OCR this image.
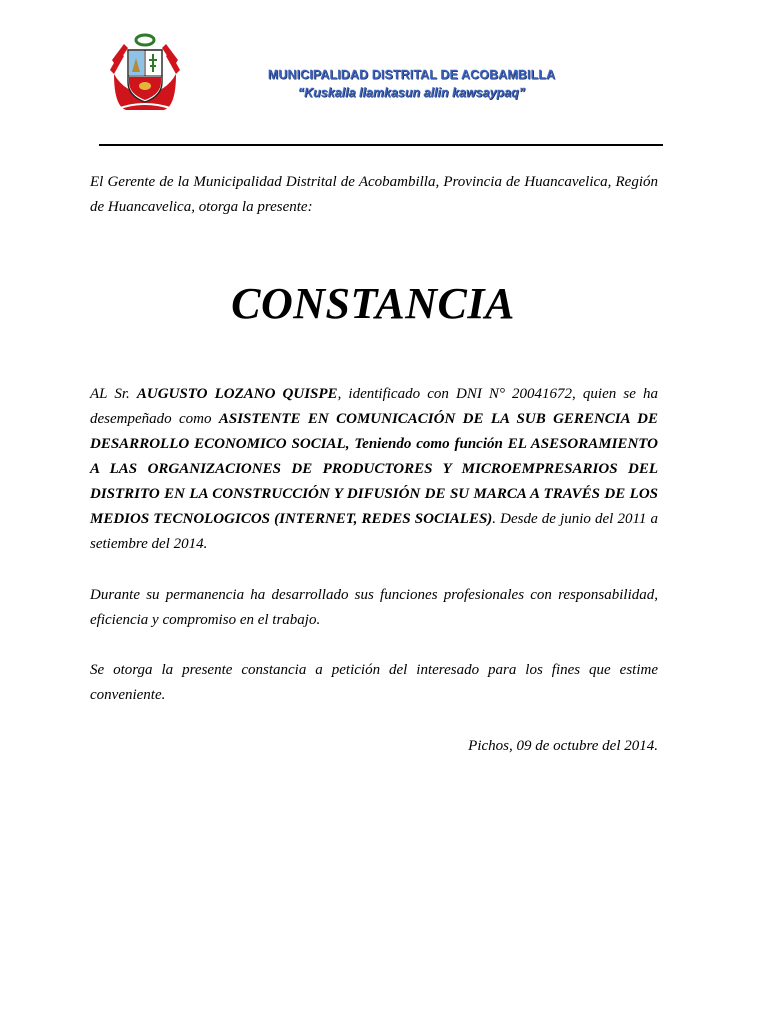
MUNICIPALIDAD DISTRITAL DE ACOBAMBILLA
“Kuskalla llamkasun allin kawsaypaq”
El Gerente de la Municipalidad Distrital de Acobambilla, Provincia de Huancavelica, Región de Huancavelica, otorga la presente:
CONSTANCIA
AL Sr. AUGUSTO LOZANO QUISPE, identificado con DNI N° 20041672, quien se ha desempeñado como ASISTENTE EN COMUNICACIÓN DE LA SUB GERENCIA DE DESARROLLO ECONOMICO SOCIAL, Teniendo como función EL ASESORAMIENTO A LAS ORGANIZACIONES DE PRODUCTORES Y MICROEMPRESARIOS DEL DISTRITO EN LA CONSTRUCCIÓN Y DIFUSIÓN DE SU MARCA A TRAVÉS DE LOS MEDIOS TECNOLOGICOS (INTERNET, REDES SOCIALES). Desde de junio del 2011 a setiembre del 2014.
Durante su permanencia ha desarrollado sus funciones profesionales con responsabilidad, eficiencia y compromiso en el trabajo.
Se otorga la presente constancia a petición del interesado para los fines que estime conveniente.
Pichos, 09 de octubre del 2014.
